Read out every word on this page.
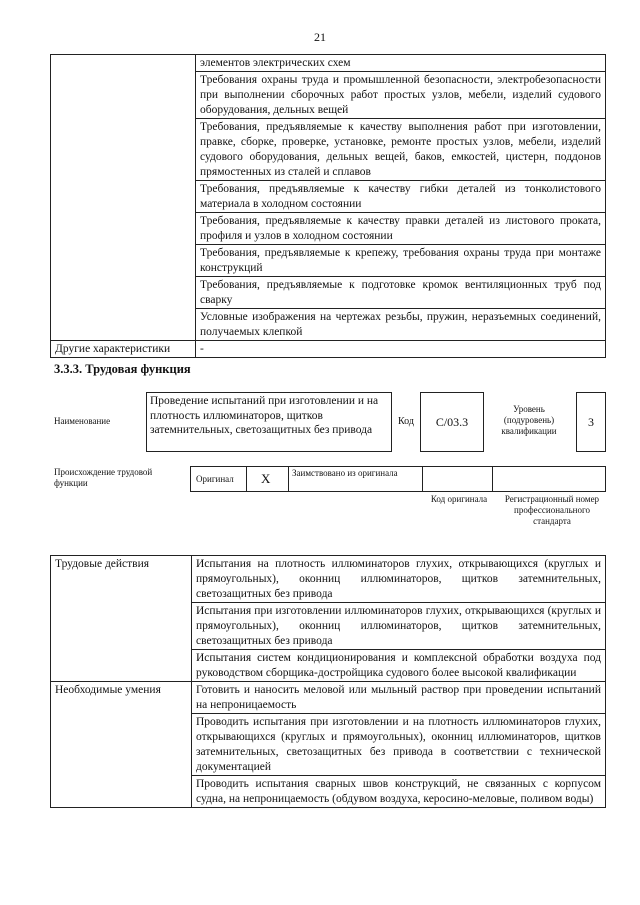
21
	элементов электрических схем
	Требования охраны труда и промышленной безопасности, электробезопасности при выполнении сборочных работ простых узлов, мебели, изделий судового оборудования, дельных вещей
	Требования, предъявляемые к качеству выполнения работ при изготовлении, правке, сборке, проверке, установке, ремонте простых узлов, мебели, изделий судового оборудования, дельных вещей, баков, емкостей, цистерн, поддонов прямостенных из сталей и сплавов
	Требования, предъявляемые к качеству гибки деталей из тонколистового материала в холодном состоянии
	Требования, предъявляемые к качеству правки деталей из листового проката, профиля и узлов в холодном состоянии
	Требования, предъявляемые к крепежу, требования охраны труда при монтаже конструкций
	Требования, предъявляемые к подготовке кромок вентиляционных труб под сварку
	Условные изображения на чертежах резьбы, пружин, неразъемных соединений, получаемых клепкой
Другие характеристики	-
3.3.3. Трудовая функция
Наименование
Проведение испытаний при изготовлении и на плотность иллюминаторов, щитков затемнительных, светозащитных без привода
Код	C/03.3
Уровень (подуровень) квалификации
3
Происхождение трудовой функции	Оригинал	X	Заимствовано из оригинала
Код оригинала	Регистрационный номер профессионального стандарта
Трудовые действия	Испытания на плотность иллюминаторов глухих, открывающихся (круглых и прямоугольных), оконниц иллюминаторов, щитков затемнительных, светозащитных без привода
	Испытания при изготовлении иллюминаторов глухих, открывающихся (круглых и прямоугольных), оконниц иллюминаторов, щитков затемнительных, светозащитных без привода
	Испытания систем кондиционирования и комплексной обработки воздуха под руководством сборщика-достройщика судового более высокой квалификации
Необходимые умения	Готовить и наносить меловой или мыльный раствор при проведении испытаний на непроницаемость
	Проводить испытания при изготовлении и на плотность иллюминаторов глухих, открывающихся (круглых и прямоугольных), оконниц иллюминаторов, щитков затемнительных, светозащитных без привода в соответствии с технической документацией
	Проводить испытания сварных швов конструкций, не связанных с корпусом судна, на непроницаемость (обдувом воздуха, керосино-меловые, поливом воды)
